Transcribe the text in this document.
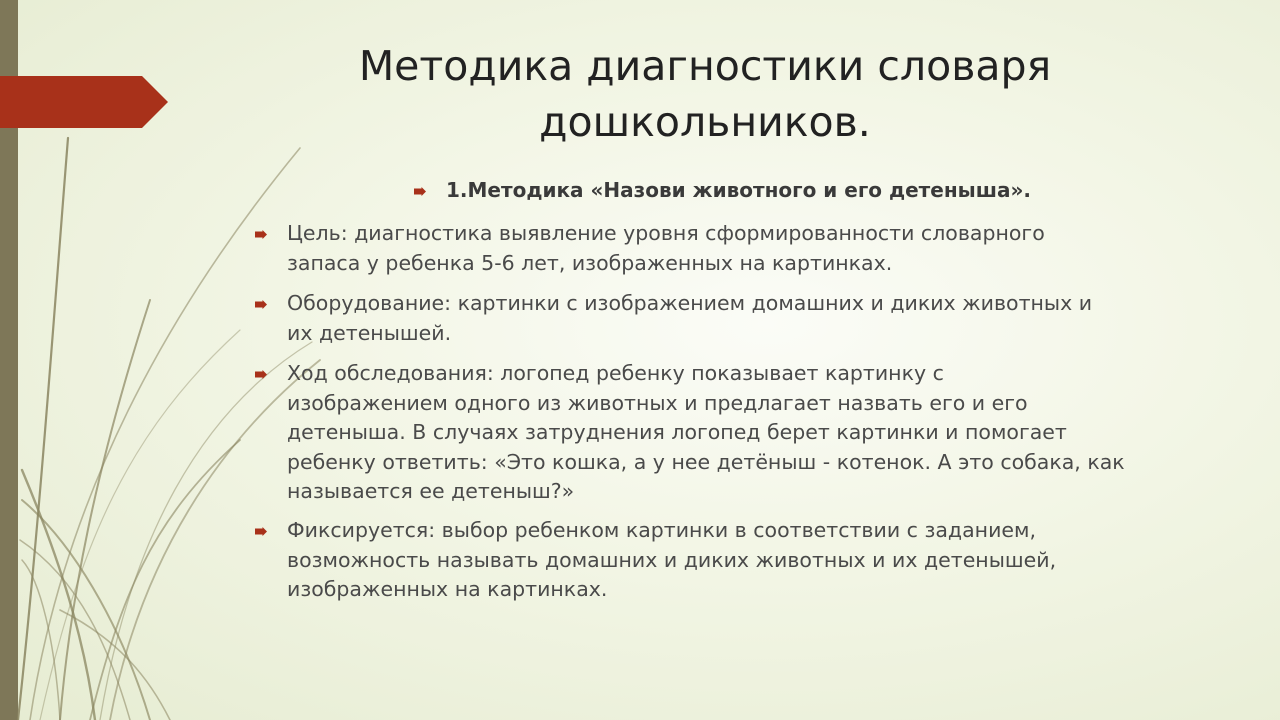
Методика диагностики словаря
дошкольников.
1.Методика «Назови животного и его детеныша».
Цель: диагностика выявление уровня сформированности словарного
запаса у ребенка 5-6 лет, изображенных на картинках.
Оборудование: картинки с изображением домашних и диких животных и
их детенышей.
Ход обследования: логопед ребенку показывает картинку с
изображением одного из животных и предлагает назвать его и его
детеныша. В случаях затруднения логопед берет картинки и помогает
ребенку ответить: «Это кошка, а у нее детёныш - котенок. А это собака, как
называется ее детеныш?»
Фиксируется: выбор ребенком картинки в соответствии с заданием,
возможность называть домашних и диких животных и их детенышей,
изображенных на картинках.
